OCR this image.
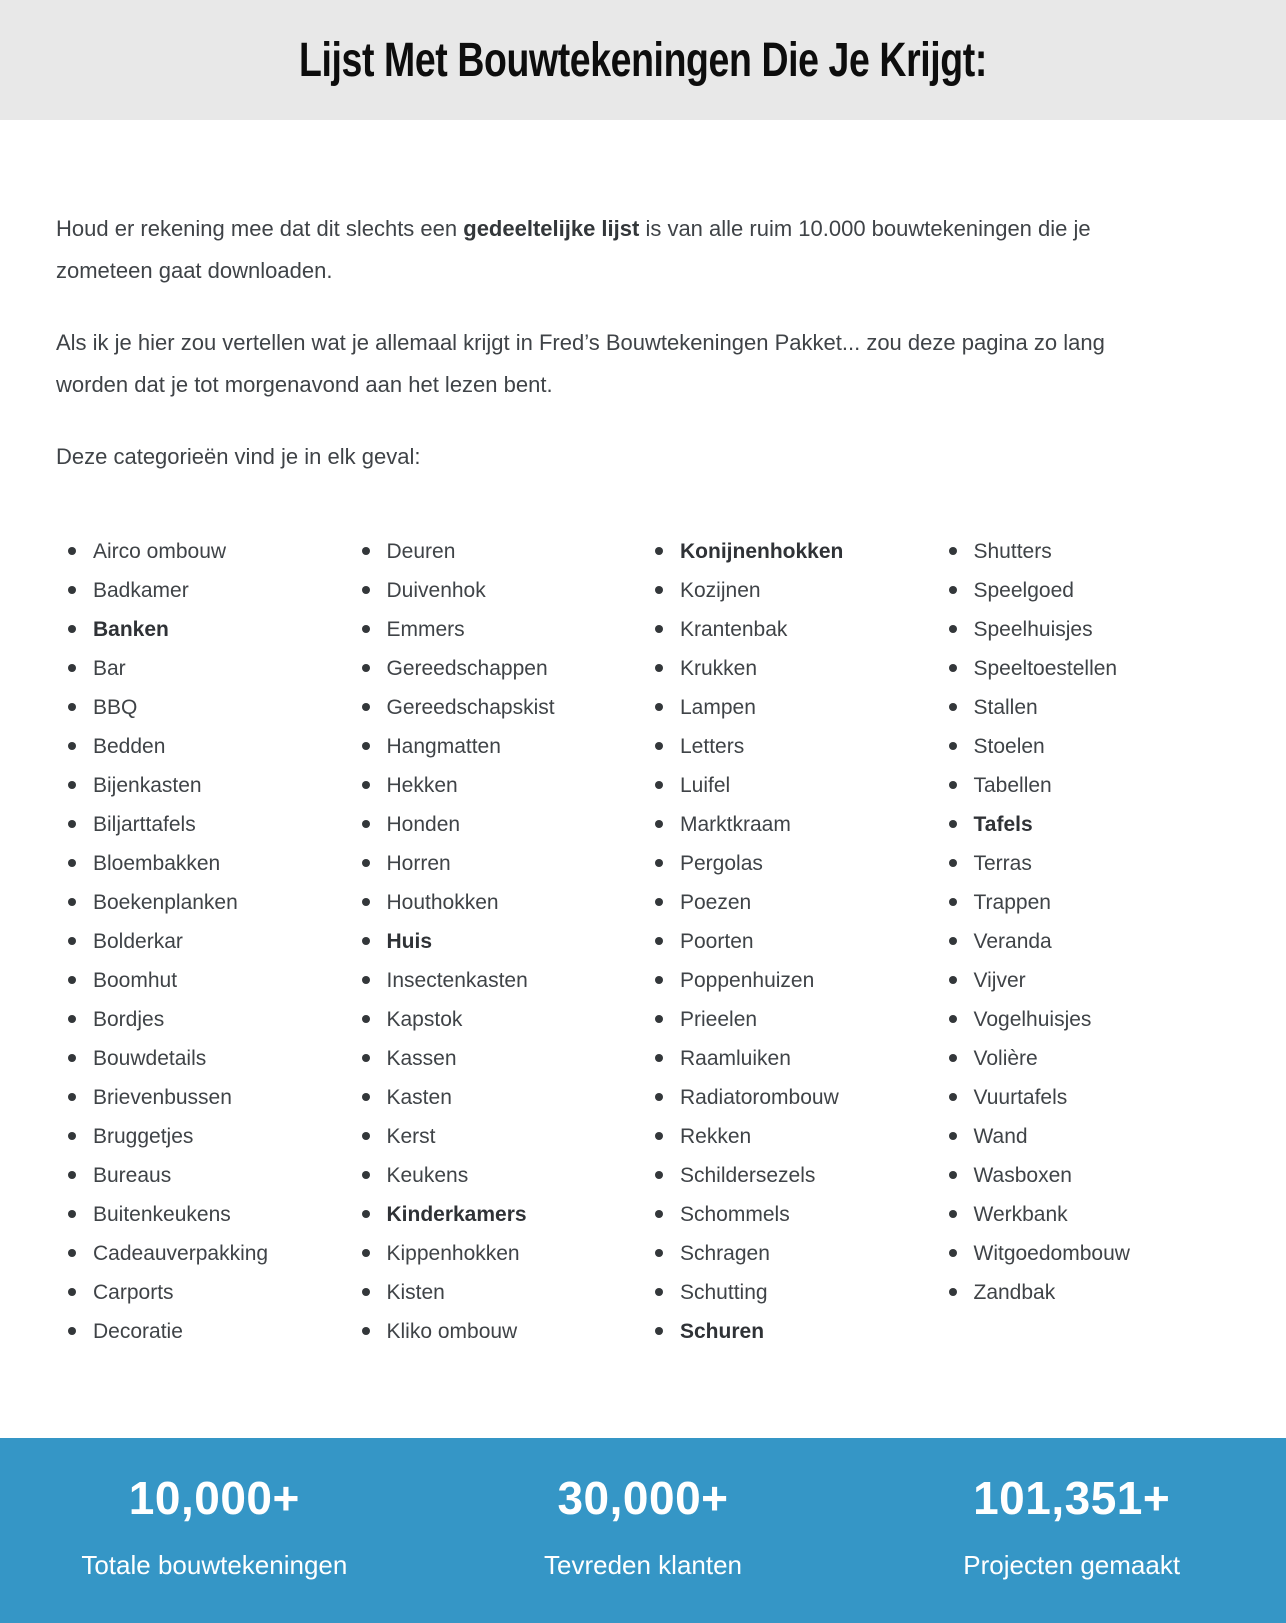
Lijst Met Bouwtekeningen Die Je Krijgt:

Houd er rekening mee dat dit slechts een gedeeltelijke lijst is van alle ruim 10.000 bouwtekeningen die je zometeen gaat downloaden.

Als ik je hier zou vertellen wat je allemaal krijgt in Fred’s Bouwtekeningen Pakket... zou deze pagina zo lang worden dat je tot morgenavond aan het lezen bent.

Deze categorieën vind je in elk geval:

Airco ombouw
Badkamer
Banken
Bar
BBQ
Bedden
Bijenkasten
Biljarttafels
Bloembakken
Boekenplanken
Bolderkar
Boomhut
Bordjes
Bouwdetails
Brievenbussen
Bruggetjes
Bureaus
Buitenkeukens
Cadeauverpakking
Carports
Decoratie
Deuren
Duivenhok
Emmers
Gereedschappen
Gereedschapskist
Hangmatten
Hekken
Honden
Horren
Houthokken
Huis
Insectenkasten
Kapstok
Kassen
Kasten
Kerst
Keukens
Kinderkamers
Kippenhokken
Kisten
Kliko ombouw
Konijnenhokken
Kozijnen
Krantenbak
Krukken
Lampen
Letters
Luifel
Marktkraam
Pergolas
Poezen
Poorten
Poppenhuizen
Prieelen
Raamluiken
Radiatorombouw
Rekken
Schildersezels
Schommels
Schragen
Schutting
Schuren
Shutters
Speelgoed
Speelhuisjes
Speeltoestellen
Stallen
Stoelen
Tabellen
Tafels
Terras
Trappen
Veranda
Vijver
Vogelhuisjes
Volière
Vuurtafels
Wand
Wasboxen
Werkbank
Witgoedombouw
Zandbak
10,000+
Totale bouwtekeningen
30,000+
Tevreden klanten
101,351+
Projecten gemaakt
